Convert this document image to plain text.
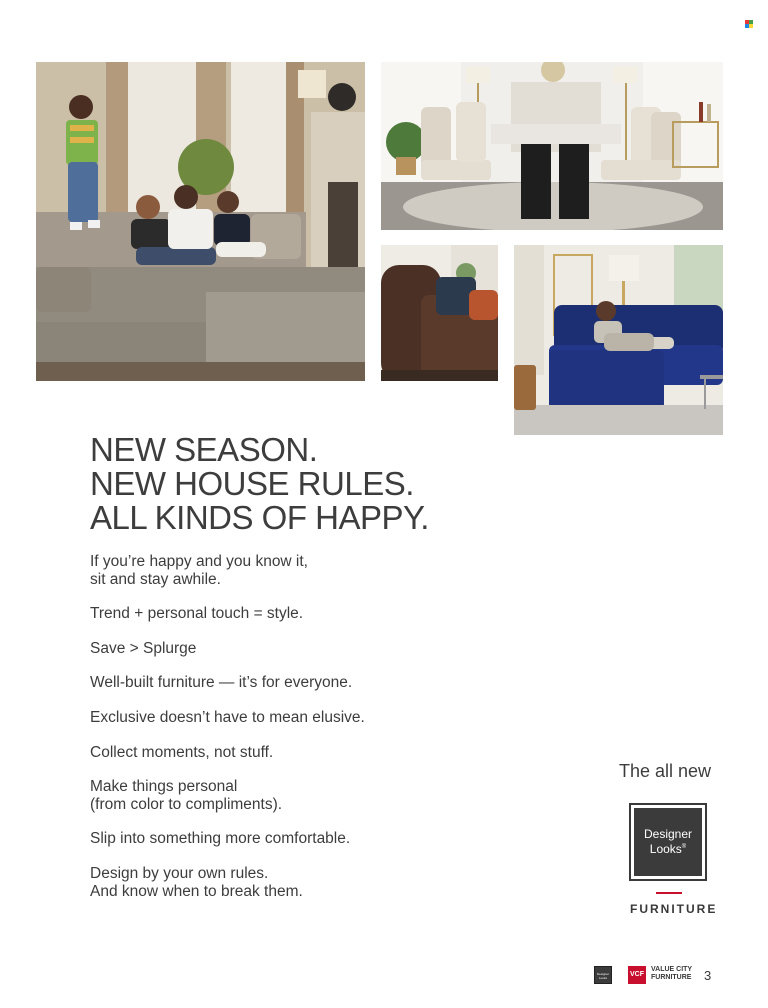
NEW SEASON.
NEW HOUSE RULES.
ALL KINDS OF HAPPY.
If you’re happy and you know it,
sit and stay awhile.
Trend + personal touch = style.
Save > Splurge
Well-built furniture — it’s for everyone.
Exclusive doesn’t have to mean elusive.
Collect moments, not stuff.
Make things personal
(from color to compliments).
Slip into something more comfortable.
Design by your own rules.
And know when to break them.
The all new
Designer
Looks®
FURNITURE
Designer
Looks	VCF
VALUE CITY
FURNITURE 3
